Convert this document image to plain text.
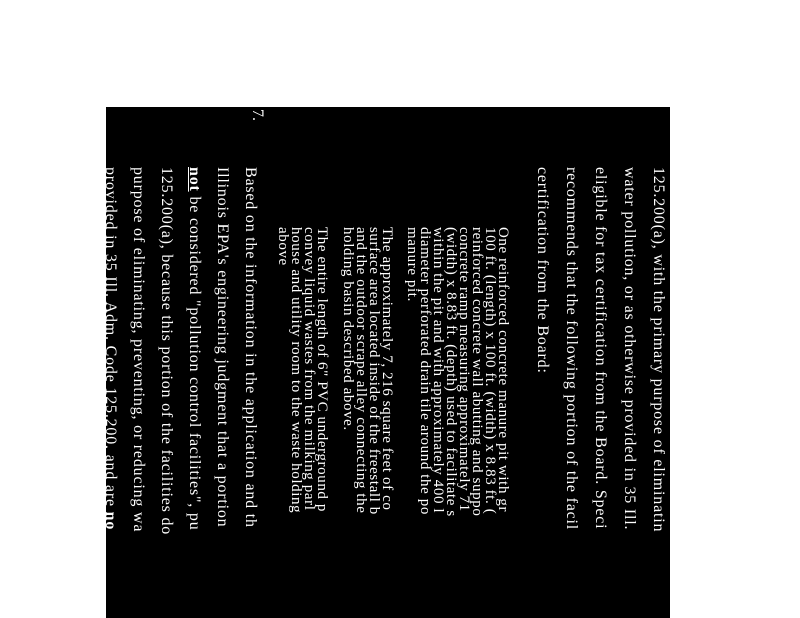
125.200(a), with the primary purpose of eliminatin
water pollution, or as otherwise provided in 35 Ill.
eligible for tax certification from the Board. Speci
recommends that the following portion of the facil
certification from the Board:
One reinforced concrete manure pit with gr
100 ft. (length) x 100 ft. (width) x 8.83 ft. (
reinforced concrete wall abutting and suppo
concrete ramp measuring approximately 71
(width) x 8.83 ft. (depth) used to facilitate s
within the pit and with approximately 400 l
diameter perforated drain tile around the po
manure pit.
The approximately 7, 216 square feet of co
surface area located inside of the freestall b
and the outdoor scrape alley connecting the
holding basin described above.
The entire length of 6" PVC underground p
convey liquid wastes from the milking parl
house and utility room to the waste holding
above
7.
Based on the information in the application and th
Illinois EPA's engineering judgment that a portion
not be considered "pollution control facilities", pu
125.200(a), because this portion of the facilities do
purpose of eliminating, preventing, or reducing wa
provided in 35 Ill. Adm. Code 125.200, and are no
from the Board. Specifically, the Illinois EPA reco
portion of the facility be denied tax certification fr
